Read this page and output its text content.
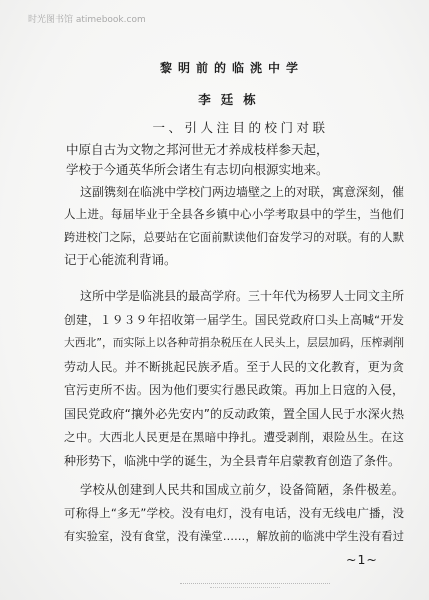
时光图书馆 atimebook.com
黎明前的临洮中学
李廷栋
一、引人注目的校门对联
中原自古为文物之邦河世无才养成枝样参天起，
学校于今通英华所会诸生有志切向根源实地来。
这副镌刻在临洮中学校门两边墙壁之上的对联，寓意深刻，催
人上进。每届毕业于全县各乡镇中心小学考取县中的学生，当他们
跨进校门之际，总要站在它面前默读他们奋发学习的对联。有的人默
记于心能流利背诵。
这所中学是临洮县的最高学府。三十年代为杨罗人士同文主所
创建，１９３９年招收第一届学生。国民党政府口头上高喊“开发
大西北”，而实际上以各种苛捐杂税压在人民头上，层层加码，压榨剥削
劳动人民。并不断挑起民族矛盾。至于人民的文化教育，更为贪
官污吏所不齿。因为他们要实行愚民政策。再加上日寇的入侵，
国民党政府“攘外必先安内”的反动政策，置全国人民于水深火热
之中。大西北人民更是在黑暗中挣扎。遭受剥削，艰险丛生。在这
种形势下，临洮中学的诞生，为全县青年启蒙教育创造了条件。
学校从创建到人民共和国成立前夕，设备简陋，条件极差。
可称得上“多无”学校。没有电灯，没有电话，没有无线电广播，没
有实验室，没有食堂，没有澡堂……，解放前的临洮中学生没有看过
~1~
